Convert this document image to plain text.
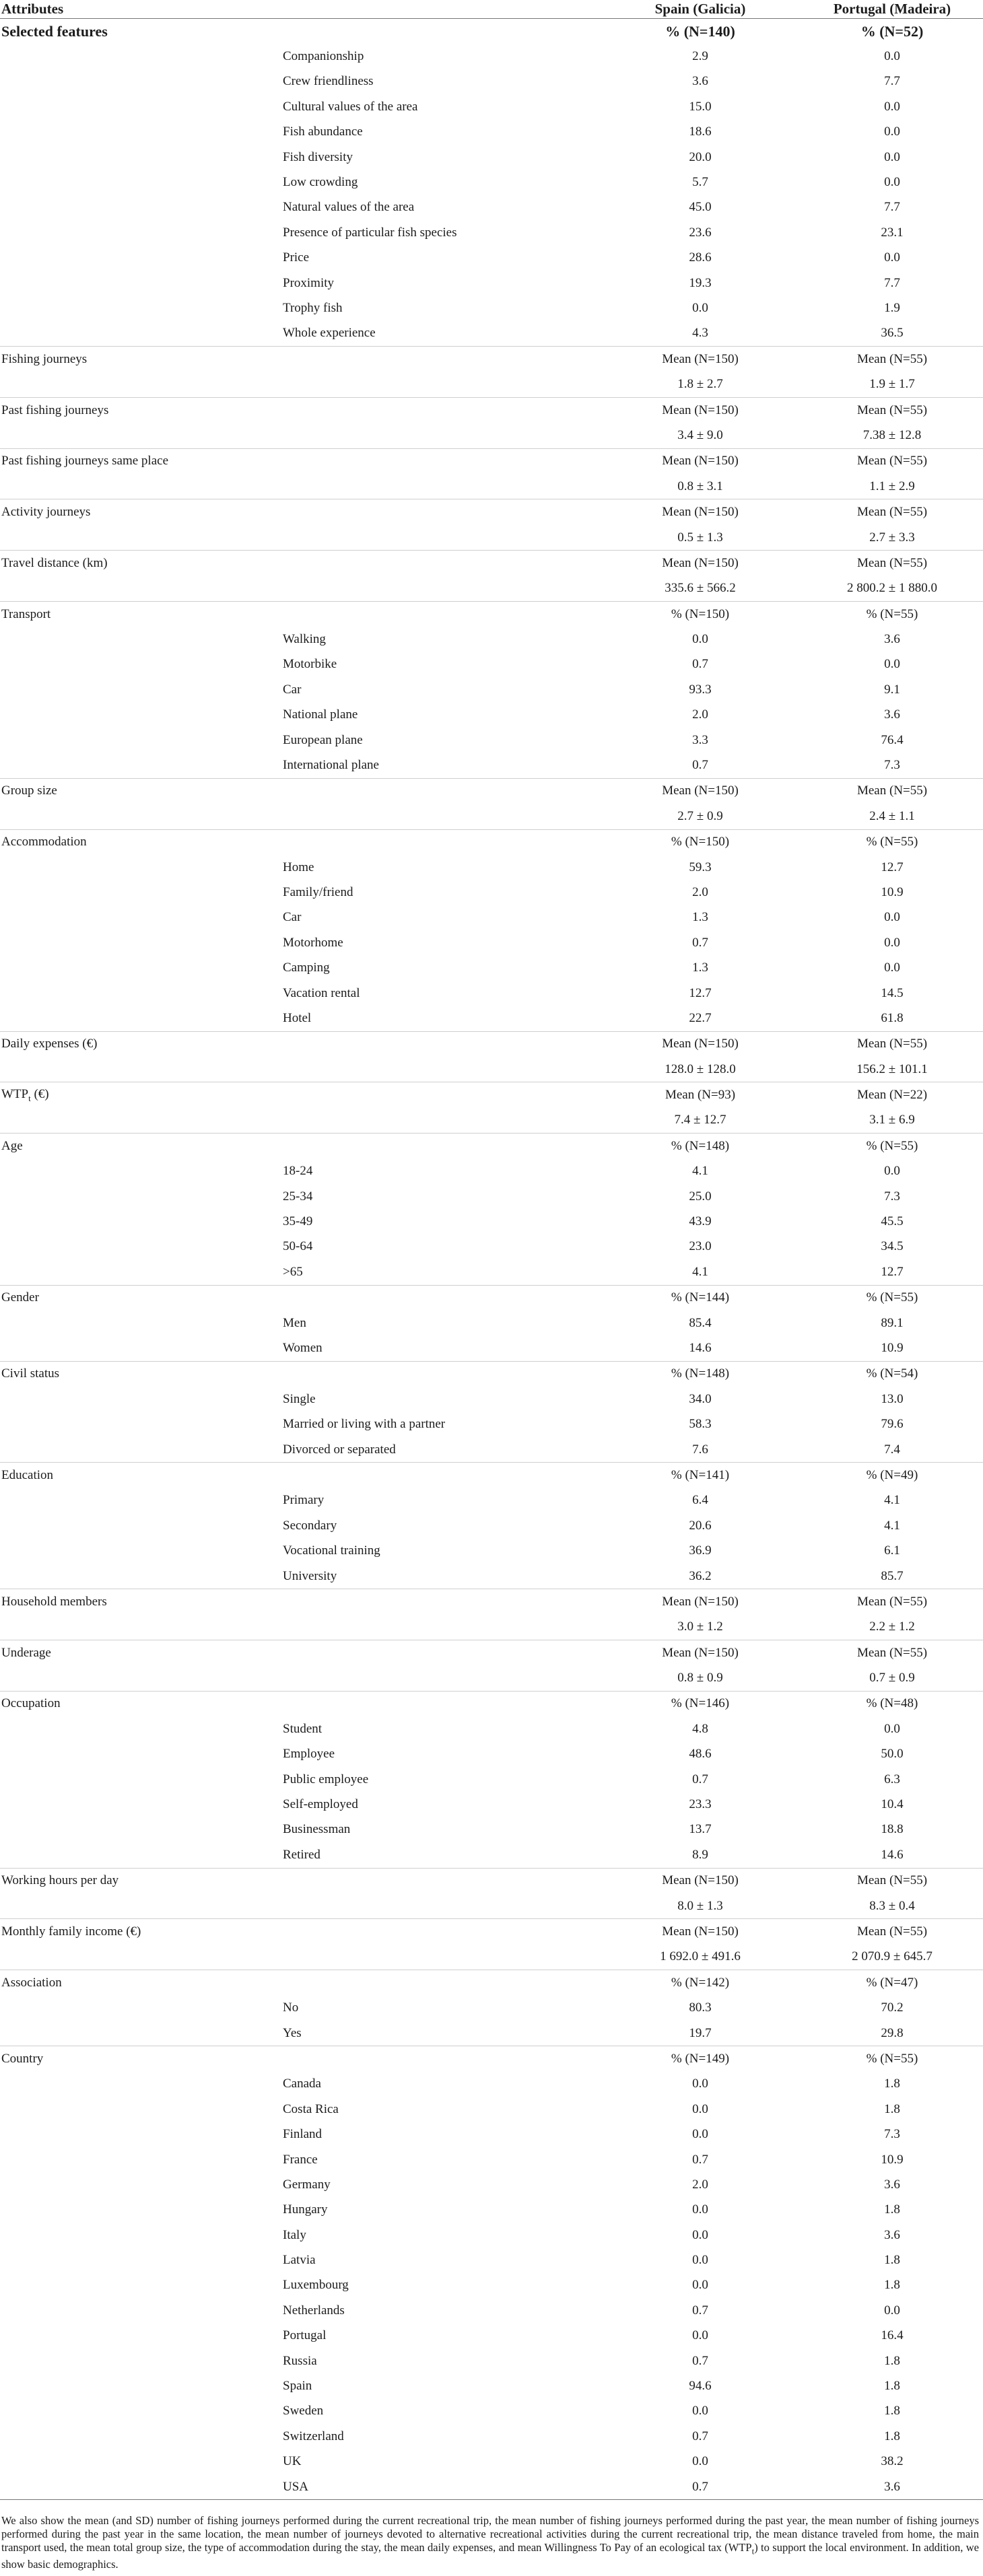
Attributes		Spain (Galicia)	Portugal (Madeira)
Selected features		% (N=140)	% (N=52)
	Companionship	2.9	0.0
	Crew friendliness	3.6	7.7
	Cultural values of the area	15.0	0.0
	Fish abundance	18.6	0.0
	Fish diversity	20.0	0.0
	Low crowding	5.7	0.0
	Natural values of the area	45.0	7.7
	Presence of particular fish species	23.6	23.1
	Price	28.6	0.0
	Proximity	19.3	7.7
	Trophy fish	0.0	1.9
	Whole experience	4.3	36.5
Fishing journeys		Mean (N=150)	Mean (N=55)
		1.8 ± 2.7	1.9 ± 1.7
Past fishing journeys		Mean (N=150)	Mean (N=55)
		3.4 ± 9.0	7.38 ± 12.8
Past fishing journeys same place		Mean (N=150)	Mean (N=55)
		0.8 ± 3.1	1.1 ± 2.9
Activity journeys		Mean (N=150)	Mean (N=55)
		0.5 ± 1.3	2.7 ± 3.3
Travel distance (km)		Mean (N=150)	Mean (N=55)
		335.6 ± 566.2	2 800.2 ± 1 880.0
Transport		% (N=150)	% (N=55)
	Walking	0.0	3.6
	Motorbike	0.7	0.0
	Car	93.3	9.1
	National plane	2.0	3.6
	European plane	3.3	76.4
	International plane	0.7	7.3
Group size		Mean (N=150)	Mean (N=55)
		2.7 ± 0.9	2.4 ± 1.1
Accommodation		% (N=150)	% (N=55)
	Home	59.3	12.7
	Family/friend	2.0	10.9
	Car	1.3	0.0
	Motorhome	0.7	0.0
	Camping	1.3	0.0
	Vacation rental	12.7	14.5
	Hotel	22.7	61.8
Daily expenses (€)		Mean (N=150)	Mean (N=55)
		128.0 ± 128.0	156.2 ± 101.1
$WTP_t$ (€)		Mean (N=93)	Mean (N=22)
		7.4 ± 12.7	3.1 ± 6.9
Age		% (N=148)	% (N=55)
	18-24	4.1	0.0
	25-34	25.0	7.3
	35-49	43.9	45.5
	50-64	23.0	34.5
	>65	4.1	12.7
Gender		% (N=144)	% (N=55)
	Men	85.4	89.1
	Women	14.6	10.9
Civil status		% (N=148)	% (N=54)
	Single	34.0	13.0
	Married or living with a partner	58.3	79.6
	Divorced or separated	7.6	7.4
Education		% (N=141)	% (N=49)
	Primary	6.4	4.1
	Secondary	20.6	4.1
	Vocational training	36.9	6.1
	University	36.2	85.7
Household members		Mean (N=150)	Mean (N=55)
		3.0 ± 1.2	2.2 ± 1.2
Underage		Mean (N=150)	Mean (N=55)
		0.8 ± 0.9	0.7 ± 0.9
Occupation		% (N=146)	% (N=48)
	Student	4.8	0.0
	Employee	48.6	50.0
	Public employee	0.7	6.3
	Self-employed	23.3	10.4
	Businessman	13.7	18.8
	Retired	8.9	14.6
Working hours per day		Mean (N=150)	Mean (N=55)
		8.0 ± 1.3	8.3 ± 0.4
Monthly family income (€)		Mean (N=150)	Mean (N=55)
		1 692.0 ± 491.6	2 070.9 ± 645.7
Association		% (N=142)	% (N=47)
	No	80.3	70.2
	Yes	19.7	29.8
Country		% (N=149)	% (N=55)
	Canada	0.0	1.8
	Costa Rica	0.0	1.8
	Finland	0.0	7.3
	France	0.7	10.9
	Germany	2.0	3.6
	Hungary	0.0	1.8
	Italy	0.0	3.6
	Latvia	0.0	1.8
	Luxembourg	0.0	1.8
	Netherlands	0.7	0.0
	Portugal	0.0	16.4
	Russia	0.7	1.8
	Spain	94.6	1.8
	Sweden	0.0	1.8
	Switzerland	0.7	1.8
	UK	0.0	38.2
	USA	0.7	3.6
We also show the mean (and SD) number of fishing journeys performed during the current recreational trip, the mean number of fishing journeys performed during the past year, the mean number of fishing journeys performed during the past year in the same location, the mean number of journeys devoted to alternative recreational activities during the current recreational trip, the mean distance traveled from home, the main transport used, the mean total group size, the type of accommodation during the stay, the mean daily expenses, and mean Willingness To Pay of an ecological tax $(WTP_t)$ to support the local environment. In addition, we show basic demographics.
